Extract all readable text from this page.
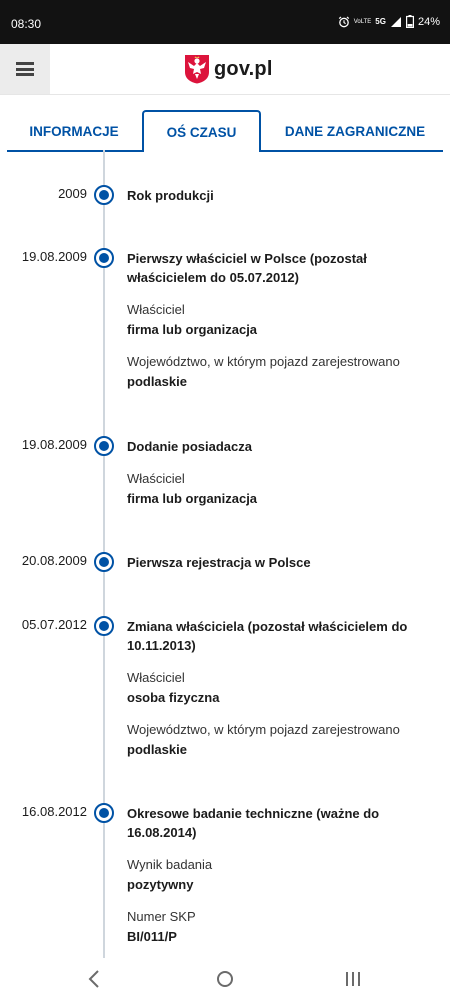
08:30	VoLTE 5G	24%
gov.pl
INFORMACJE	OŚ CZASU	DANE ZAGRANICZNE
2009	Rok produkcji
19.08.2009	Pierwszy właściciel w Polsce (pozostał właścicielem do 05.07.2012)
Właściciel
firma lub organizacja
Województwo, w którym pojazd zarejestrowano
podlaskie
19.08.2009	Dodanie posiadacza
Właściciel
firma lub organizacja
20.08.2009	Pierwsza rejestracja w Polsce
05.07.2012	Zmiana właściciela (pozostał właścicielem do 10.11.2013)
Właściciel
osoba fizyczna
Województwo, w którym pojazd zarejestrowano
podlaskie
16.08.2012	Okresowe badanie techniczne (ważne do 16.08.2014)
Wynik badania
pozytywny
Numer SKP
BI/011/P
